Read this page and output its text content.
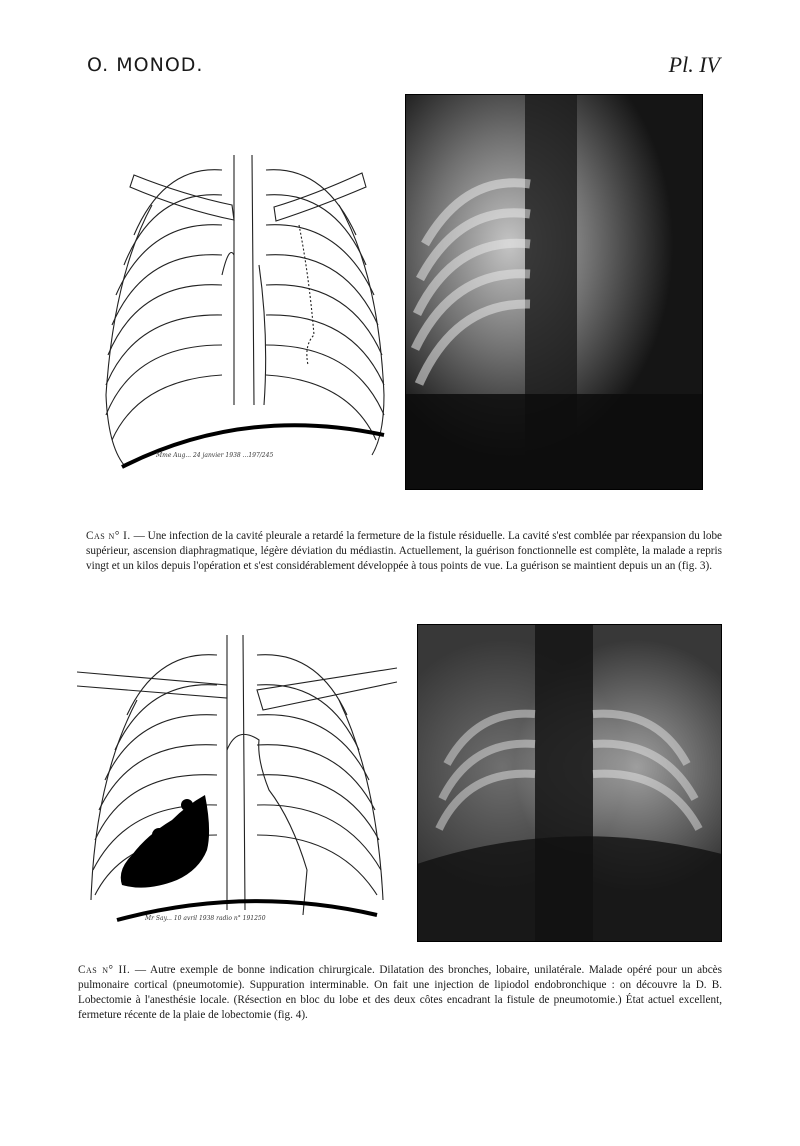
O. MONOD.	Pl. IV
Mme Aug... 24 janvier 1938 ...197/245
Cas n° I. — Une infection de la cavité pleurale a retardé la fermeture de la fistule résiduelle. La cavité s'est comblée par réexpansion du lobe supérieur, ascension diaphragmatique, légère déviation du médiastin. Actuellement, la guérison fonctionnelle est complète, la malade a repris vingt et un kilos depuis l'opération et s'est considérablement développée à tous points de vue. La guérison se maintient depuis un an (fig. 3).
Mr Say... 10 avril 1938 radio n° 191250
Cas n° II. — Autre exemple de bonne indication chirurgicale. Dilatation des bronches, lobaire, unilatérale. Malade opéré pour un abcès pulmonaire cortical (pneumotomie). Suppuration interminable. On fait une injection de lipiodol endobronchique : on découvre la D. B. Lobectomie à l'anesthésie locale. (Résection en bloc du lobe et des deux côtes encadrant la fistule de pneumotomie.) État actuel excellent, fermeture récente de la plaie de lobectomie (fig. 4).
